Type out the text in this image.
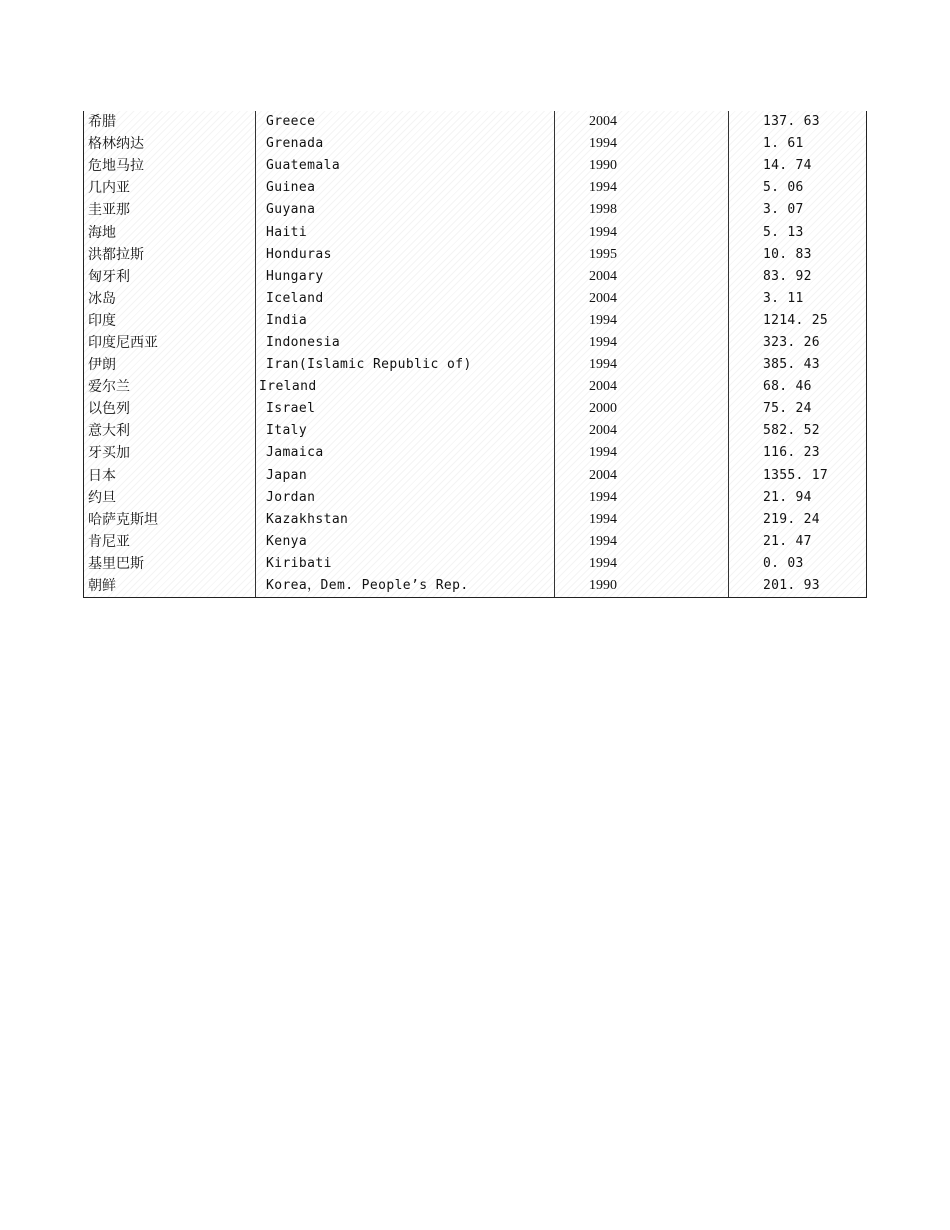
希腊	Greece	2004	137. 63
格林纳达	Grenada	1994	1. 61
危地马拉	Guatemala	1990	14. 74
几内亚	Guinea	1994	5. 06
圭亚那	Guyana	1998	3. 07
海地	Haiti	1994	5. 13
洪都拉斯	Honduras	1995	10. 83
匈牙利	Hungary	2004	83. 92
冰岛	Iceland	2004	3. 11
印度	India	1994	1214. 25
印度尼西亚	Indonesia	1994	323. 26
伊朗	Iran(Islamic Republic of)	1994	385. 43
爱尔兰	Ireland	2004	68. 46
以色列	Israel	2000	75. 24
意大利	Italy	2004	582. 52
牙买加	Jamaica	1994	116. 23
日本	Japan	2004	1355. 17
约旦	Jordan	1994	21. 94
哈萨克斯坦	Kazakhstan	1994	219. 24
肯尼亚	Kenya	1994	21. 47
基里巴斯	Kiribati	1994	0. 03
朝鲜	Korea，Dem. People’s Rep.	1990	201. 93
